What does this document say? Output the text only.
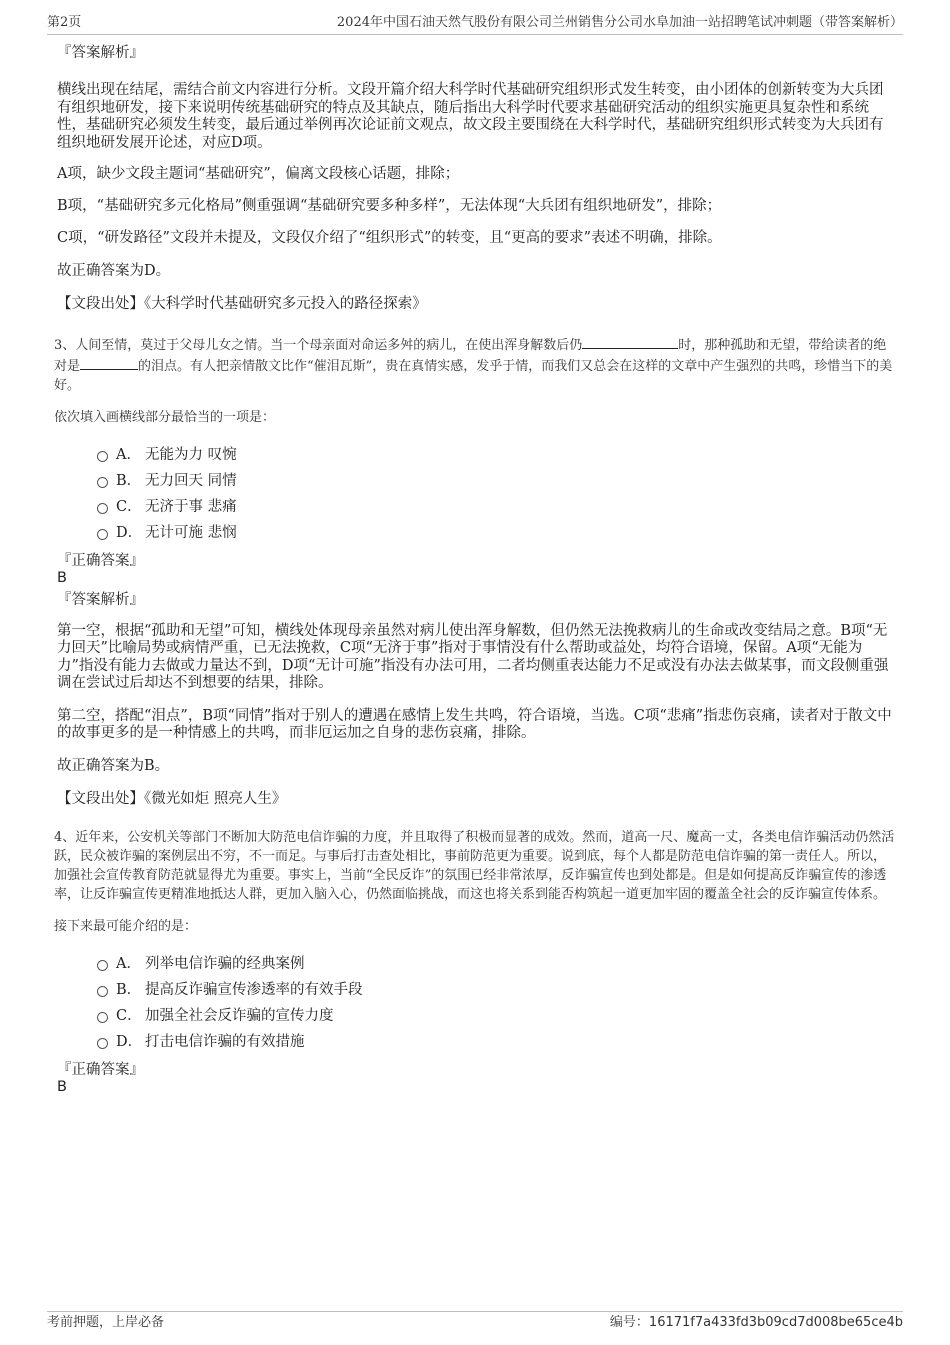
第2页	2024年中国石油天然气股份有限公司兰州销售分公司水阜加油一站招聘笔试冲刺题（带答案解析）
『答案解析』

横线出现在结尾，需结合前文内容进行分析。文段开篇介绍大科学时代基础研究组织形式发生转变，由小团体的创新转变为大兵团有组织地研发，接下来说明传统基础研究的特点及其缺点，随后指出大科学时代要求基础研究活动的组织实施更具复杂性和系统性，基础研究必须发生转变，最后通过举例再次论证前文观点，故文段主要围绕在大科学时代，基础研究组织形式转变为大兵团有组织地研发展开论述，对应D项。

A项，缺少文段主题词“基础研究”，偏离文段核心话题，排除；

B项，“基础研究多元化格局”侧重强调“基础研究要多种多样”，无法体现“大兵团有组织地研发”，排除；

C项，“研发路径”文段并未提及，文段仅介绍了“组织形式”的转变，且“更高的要求”表述不明确，排除。

故正确答案为D。

【文段出处】《大科学时代基础研究多元投入的路径探索》

3、人间至情，莫过于父母儿女之情。当一个母亲面对命运多舛的病儿，在使出浑身解数后仍	时，那种孤助和无望，带给读者的绝对是	的泪点。有人把亲情散文比作“催泪瓦斯”，贵在真情实感，发乎于情，而我们又总会在这样的文章中产生强烈的共鸣，珍惜当下的美好。

依次填入画横线部分最恰当的一项是：

A． 无能为力 叹惋
B． 无力回天 同情
C． 无济于事 悲痛
D． 无计可施 悲悯
『正确答案』

B

『答案解析』

第一空，根据“孤助和无望”可知，横线处体现母亲虽然对病儿使出浑身解数，但仍然无法挽救病儿的生命或改变结局之意。B项“无力回天”比喻局势或病情严重，已无法挽救，C项“无济于事”指对于事情没有什么帮助或益处，均符合语境，保留。A项“无能为力”指没有能力去做或力量达不到，D项“无计可施”指没有办法可用，二者均侧重表达能力不足或没有办法去做某事，而文段侧重强调在尝试过后却达不到想要的结果，排除。

第二空，搭配“泪点”，B项“同情”指对于别人的遭遇在感情上发生共鸣，符合语境，当选。C项“悲痛”指悲伤哀痛，读者对于散文中的故事更多的是一种情感上的共鸣，而非厄运加之自身的悲伤哀痛，排除。

故正确答案为B。

【文段出处】《微光如炬 照亮人生》

4、近年来，公安机关等部门不断加大防范电信诈骗的力度，并且取得了积极而显著的成效。然而，道高一尺、魔高一丈，各类电信诈骗活动仍然活跃，民众被诈骗的案例层出不穷，不一而足。与事后打击查处相比，事前防范更为重要。说到底，每个人都是防范电信诈骗的第一责任人。所以，加强社会宣传教育防范就显得尤为重要。事实上，当前“全民反诈”的氛围已经非常浓厚，反诈骗宣传也到处都是。但是如何提高反诈骗宣传的渗透率，让反诈骗宣传更精准地抵达人群，更加入脑入心，仍然面临挑战，而这也将关系到能否构筑起一道更加牢固的覆盖全社会的反诈骗宣传体系。

接下来最可能介绍的是：

A． 列举电信诈骗的经典案例
B． 提高反诈骗宣传渗透率的有效手段
C． 加强全社会反诈骗的宣传力度
D． 打击电信诈骗的有效措施
『正确答案』

B

考前押题，上岸必备	编号：16171f7a433fd3b09cd7d008be65ce4b
